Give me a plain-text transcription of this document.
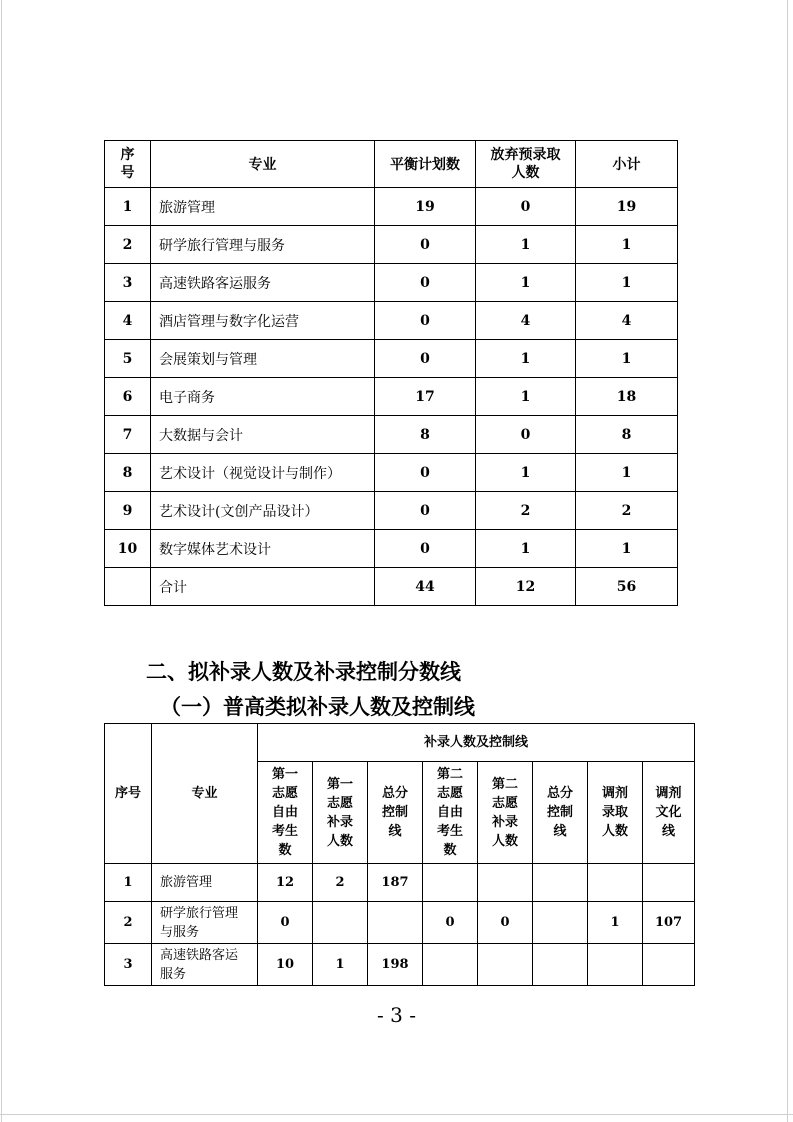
序
号	专业	平衡计划数	放弃预录取
人数	小计
1	旅游管理	19	0	19
2	研学旅行管理与服务	0	1	1
3	高速铁路客运服务	0	1	1
4	酒店管理与数字化运营	0	4	4
5	会展策划与管理	0	1	1
6	电子商务	17	1	18
7	大数据与会计	8	0	8
8	艺术设计（视觉设计与制作）	0	1	1
9	艺术设计(文创产品设计）	0	2	2
10	数字媒体艺术设计	0	1	1
	合计	44	12	56
二、拟补录人数及补录控制分数线
（一）普高类拟补录人数及控制线
序号	专业	补录人数及控制线							
		第一
志愿
自由
考生
数	第一
志愿
补录
人数	总分
控制
线	第二
志愿
自由
考生
数	第二
志愿
补录
人数	总分
控制
线	调剂
录取
人数	调剂
文化
线
1	旅游管理	12	2	187					
2	研学旅行管理
与服务	0			0	0		1	107
3	高速铁路客运
服务	10	1	198					
- 3 -
